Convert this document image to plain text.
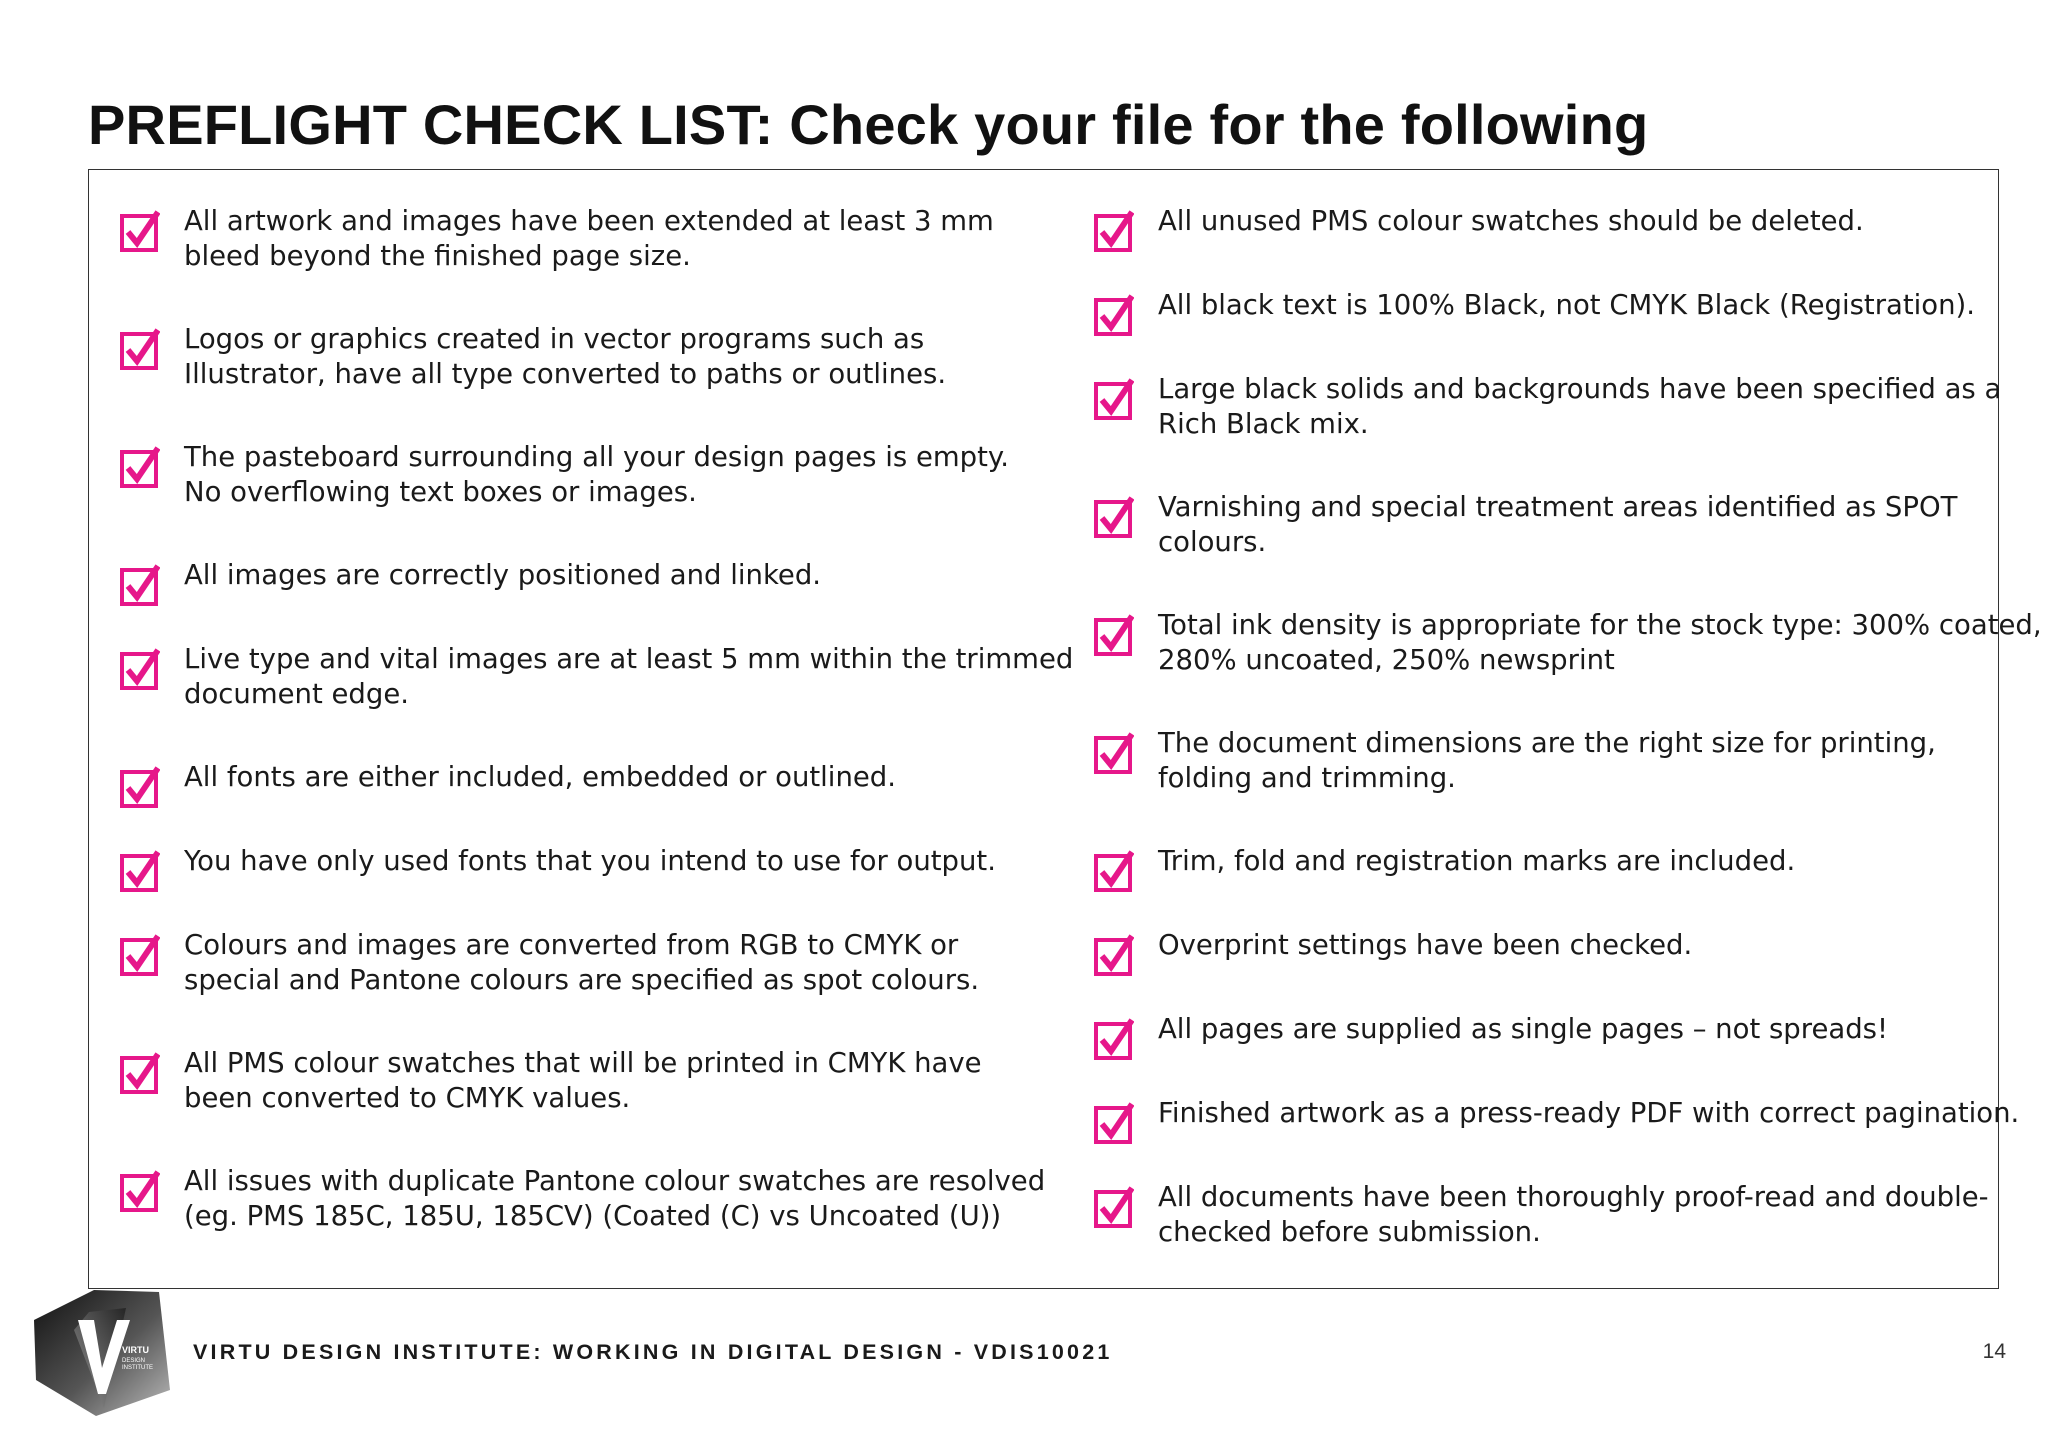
PREFLIGHT CHECK LIST: Check your file for the following
All artwork and images have been extended at least 3 mm
bleed beyond the finished page size.
Logos or graphics created in vector programs such as
Illustrator, have all type converted to paths or outlines.
The pasteboard surrounding all your design pages is empty.
No overflowing text boxes or images.
All images are correctly positioned and linked.
Live type and vital images are at least 5 mm within the trimmed
document edge.
All fonts are either included, embedded or outlined.
You have only used fonts that you intend to use for output.
Colours and images are converted from RGB to CMYK or
special and Pantone colours are specified as spot colours.
All PMS colour swatches that will be printed in CMYK have
been converted to CMYK values.
All issues with duplicate Pantone colour swatches are resolved
(eg. PMS 185C, 185U, 185CV) (Coated (C) vs Uncoated (U))
All unused PMS colour swatches should be deleted.
All black text is 100% Black, not CMYK Black (Registration).
Large black solids and backgrounds have been specified as a
Rich Black mix.
Varnishing and special treatment areas identified as SPOT
colours.
Total ink density is appropriate for the stock type: 300% coated,
280% uncoated, 250% newsprint
The document dimensions are the right size for printing,
folding and trimming.
Trim, fold and registration marks are included.
Overprint settings have been checked.
All pages are supplied as single pages – not spreads!
Finished artwork as a press-ready PDF with correct pagination.
All documents have been thoroughly proof-read and double-
checked before submission.
VIRTU
DESIGN
INSTITUTE
VIRTU DESIGN INSTITUTE: WORKING IN DIGITAL DESIGN - VDIS10021	14
